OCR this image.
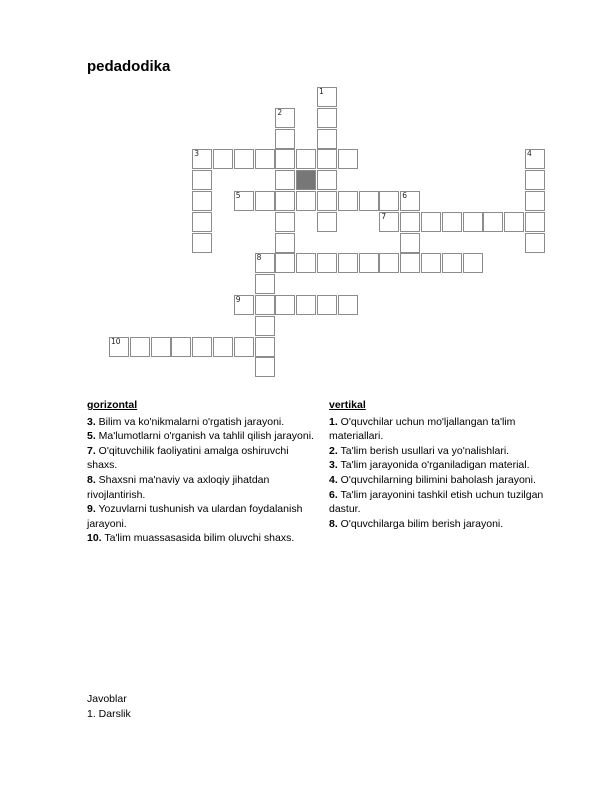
pedadodika
1
2
3	4
5	6
7
8
9
10
gorizontal

3. Bilim va ko'nikmalarni o'rgatish jarayoni.

5. Ma'lumotlarni o'rganish va tahlil qilish jarayoni.

7. O'qituvchilik faoliyatini amalga oshiruvchi shaxs.

8. Shaxsni ma'naviy va axloqiy jihatdan rivojlantirish.

9. Yozuvlarni tushunish va ulardan foydalanish jarayoni.

10. Ta'lim muassasasida bilim oluvchi shaxs.

vertikal

1. O'quvchilar uchun mo'ljallangan ta'lim materiallari.

2. Ta'lim berish usullari va yo'nalishlari.

3. Ta'lim jarayonida o'rganiladigan material.

4. O'quvchilarning bilimini baholash jarayoni.

6. Ta'lim jarayonini tashkil etish uchun tuzilgan dastur.

8. O'quvchilarga bilim berish jarayoni.

Javoblar
1. Darslik
